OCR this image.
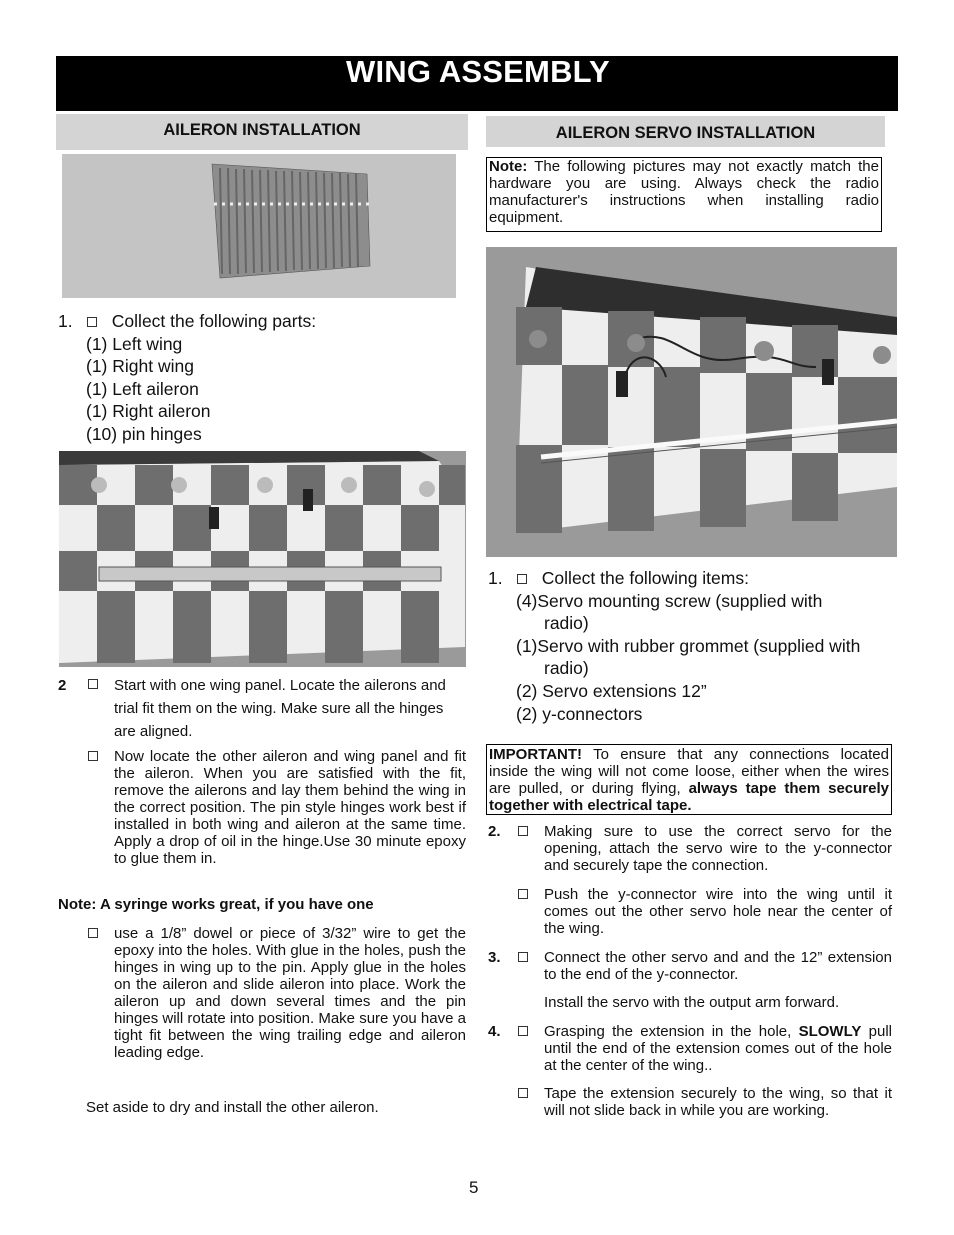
WING ASSEMBLY
AILERON INSTALLATION
1. Collect the following parts:
(1) Left wing
(1) Right wing
(1) Left aileron
(1) Right aileron
(10) pin hinges
2	Start with one wing panel. Locate the ailerons and trial fit them on the wing. Make sure all the hinges are aligned.
Now locate the other aileron and wing panel and fit the aileron. When you are satisfied with the fit, remove the ailerons and lay them behind the wing in the correct position. The pin style hinges work best if installed in both wing and aileron at the same time. Apply a drop of oil in the hinge.Use 30 minute epoxy to glue them in.
Note: A syringe works great, if you have one
use a 1/8” dowel or piece of 3/32” wire to get the epoxy into the holes. With glue in the holes, push the hinges in wing up to the pin. Apply glue in the holes on the aileron and slide aileron into place. Work the aileron up and down several times and the pin hinges will rotate into position. Make sure you have a tight fit between the wing trailing edge and aileron leading edge.
Set aside to dry and install the other aileron.
AILERON SERVO INSTALLATION
Note: The following pictures may not exactly match the hardware you are using. Always check the radio manufacturer's instructions when installing radio equipment.
1. Collect the following items:
(4)Servo mounting screw (supplied with
radio)
(1)Servo with rubber grommet (supplied with
radio)
(2) Servo extensions 12”
(2) y-connectors
IMPORTANT! To ensure that any connections located inside the wing will not come loose, either when the wires are pulled, or during flying, always tape them securely together with electrical tape.
2.	Making sure to use the correct servo for the opening, attach the servo wire to the y-connector and securely tape the connection.
Push the y-connector wire into the wing until it comes out the other servo hole near the center of the wing.
3.	Connect the other servo and and the 12” extension to the end of the y-connector.
Install the servo with the output arm forward.
4.	Grasping the extension in the hole, SLOWLY pull until the end of the extension comes out of the hole at the center of the wing..
Tape the extension securely to the wing, so that it will not slide back in while you are working.
5
